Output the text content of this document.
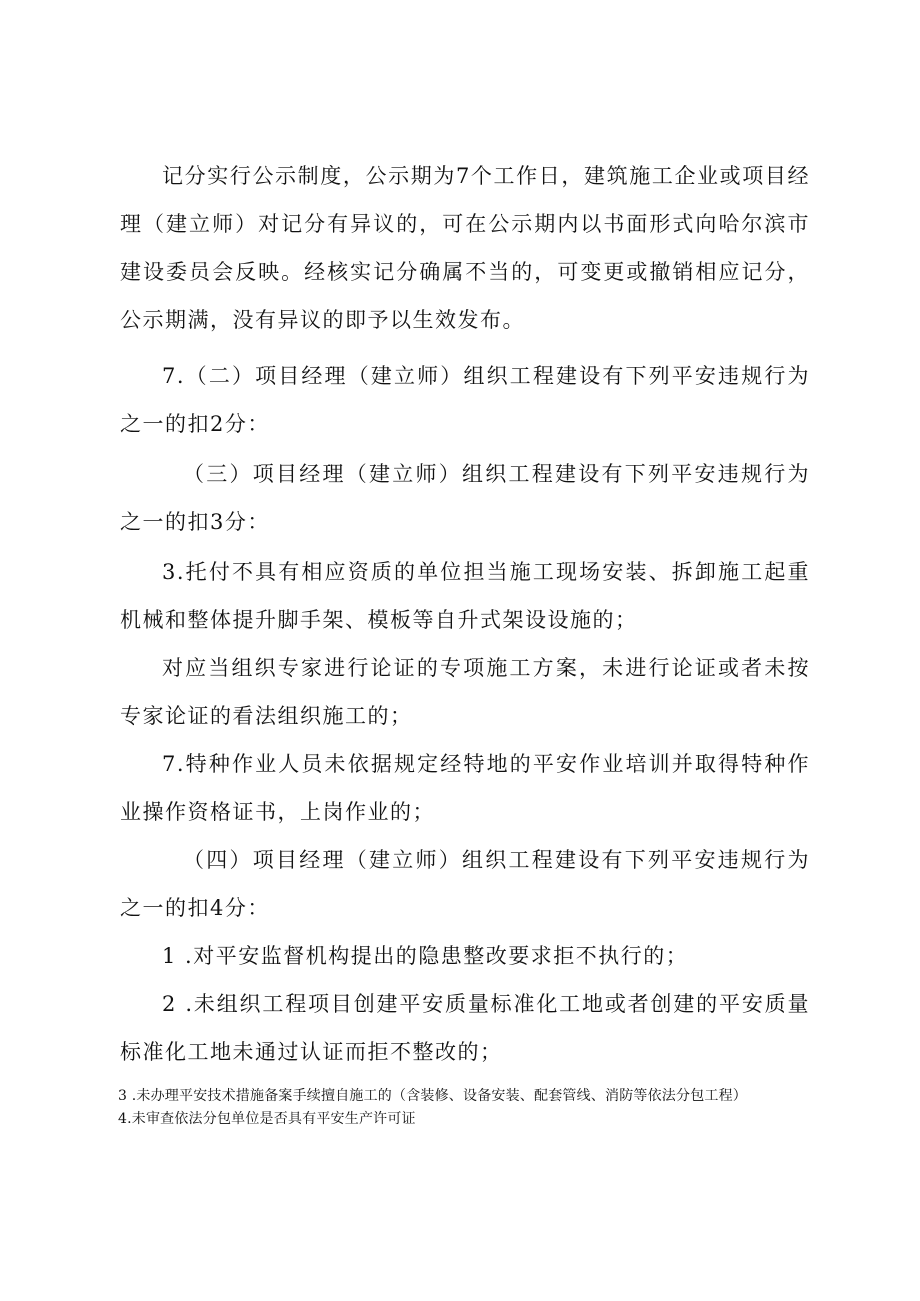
记分实行公示制度，公示期为7个工作日，建筑施工企业或项目经理（建立师）对记分有异议的，可在公示期内以书面形式向哈尔滨市建设委员会反映。经核实记分确属不当的，可变更或撤销相应记分，公示期满，没有异议的即予以生效发布。

7.（二）项目经理（建立师）组织工程建设有下列平安违规行为之一的扣2分：

（三）项目经理（建立师）组织工程建设有下列平安违规行为之一的扣3分：

3.托付不具有相应资质的单位担当施工现场安装、拆卸施工起重机械和整体提升脚手架、模板等自升式架设设施的；

对应当组织专家进行论证的专项施工方案，未进行论证或者未按专家论证的看法组织施工的；

7.特种作业人员未依据规定经特地的平安作业培训并取得特种作业操作资格证书，上岗作业的；

（四）项目经理（建立师）组织工程建设有下列平安违规行为之一的扣4分：

1 .对平安监督机构提出的隐患整改要求拒不执行的；

2 .未组织工程项目创建平安质量标准化工地或者创建的平安质量标准化工地未通过认证而拒不整改的；

3 .未办理平安技术措施备案手续擅自施工的（含装修、设备安装、配套管线、消防等依法分包工程）

4.未审查依法分包单位是否具有平安生产许可证
